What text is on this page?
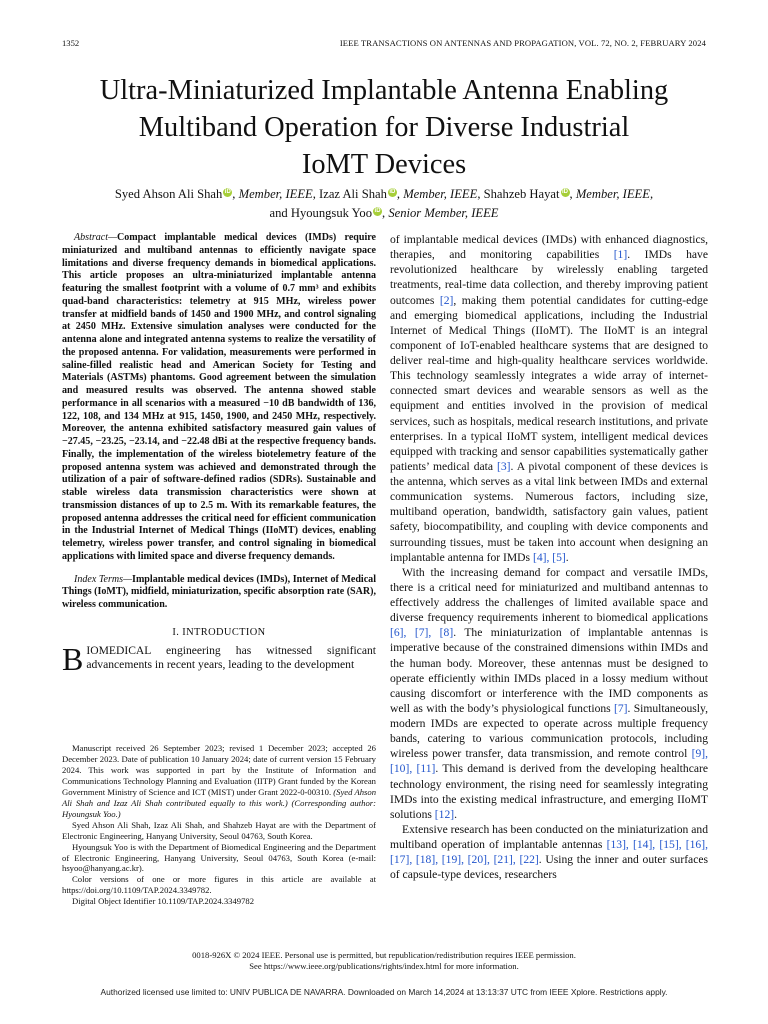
1352	IEEE TRANSACTIONS ON ANTENNAS AND PROPAGATION, VOL. 72, NO. 2, FEBRUARY 2024
Ultra-Miniaturized Implantable Antenna Enabling
Multiband Operation for Diverse Industrial
IoMT Devices
Syed Ahson Ali Shah iD , Member, IEEE, Izaz Ali Shah iD , Member, IEEE, Shahzeb Hayat iD , Member, IEEE,
and Hyoungsuk Yoo iD , Senior Member, IEEE

Abstract—Compact implantable medical devices (IMDs) require miniaturized and multiband antennas to efficiently navigate space limitations and diverse frequency demands in biomedical applications. This article proposes an ultra-miniaturized implantable antenna featuring the smallest footprint with a volume of 0.7 mm³ and exhibits quad-band characteristics: telemetry at 915 MHz, wireless power transfer at midfield bands of 1450 and 1900 MHz, and control signaling at 2450 MHz. Extensive simulation analyses were conducted for the antenna alone and integrated antenna systems to realize the versatility of the proposed antenna. For validation, measurements were performed in saline-filled realistic head and American Society for Testing and Materials (ASTMs) phantoms. Good agreement between the simulation and measured results was observed. The antenna showed stable performance in all scenarios with a measured −10 dB bandwidth of 136, 122, 108, and 134 MHz at 915, 1450, 1900, and 2450 MHz, respectively. Moreover, the antenna exhibited satisfactory measured gain values of −27.45, −23.25, −23.14, and −22.48 dBi at the respective frequency bands. Finally, the implementation of the wireless biotelemetry feature of the proposed antenna system was achieved and demonstrated through the utilization of a pair of software-defined radios (SDRs). Sustainable and stable wireless data transmission characteristics were shown at transmission distances of up to 2.5 m. With its remarkable features, the proposed antenna addresses the critical need for efficient communication in the Industrial Internet of Medical Things (IIoMT) devices, enabling telemetry, wireless power transfer, and control signaling in biomedical applications with limited space and diverse frequency demands.

Index Terms—Implantable medical devices (IMDs), Internet of Medical Things (IoMT), midfield, miniaturization, specific absorption rate (SAR), wireless communication.

I. INTRODUCTION

BIOMEDICAL engineering has witnessed significant advancements in recent years, leading to the development

Manuscript received 26 September 2023; revised 1 December 2023; accepted 26 December 2023. Date of publication 10 January 2024; date of current version 15 February 2024. This work was supported in part by the Institute of Information and Communications Technology Planning and Evaluation (IITP) Grant funded by the Korean Government Ministry of Science and ICT (MIST) under Grant 2022-0-00310. (Syed Ahson Ali Shah and Izaz Ali Shah contributed equally to this work.) (Corresponding author: Hyoungsuk Yoo.)

Syed Ahson Ali Shah, Izaz Ali Shah, and Shahzeb Hayat are with the Department of Electronic Engineering, Hanyang University, Seoul 04763, South Korea.

Hyoungsuk Yoo is with the Department of Biomedical Engineering and the Department of Electronic Engineering, Hanyang University, Seoul 04763, South Korea (e-mail: hsyoo@hanyang.ac.kr).

Color versions of one or more figures in this article are available at https://doi.org/10.1109/TAP.2024.3349782.

Digital Object Identifier 10.1109/TAP.2024.3349782

of implantable medical devices (IMDs) with enhanced diagnostics, therapies, and monitoring capabilities [1]. IMDs have revolutionized healthcare by wirelessly enabling targeted treatments, real-time data collection, and thereby improving patient outcomes [2], making them potential candidates for cutting-edge and emerging biomedical applications, including the Industrial Internet of Medical Things (IIoMT). The IIoMT is an integral component of IoT-enabled healthcare systems that are designed to deliver real-time and high-quality healthcare services worldwide. This technology seamlessly integrates a wide array of internet-connected smart devices and wearable sensors as well as the equipment and entities involved in the provision of medical services, such as hospitals, medical research institutions, and private enterprises. In a typical IIoMT system, intelligent medical devices equipped with tracking and sensor capabilities systematically gather patients’ medical data [3]. A pivotal component of these devices is the antenna, which serves as a vital link between IMDs and external communication systems. Numerous factors, including size, multiband operation, bandwidth, satisfactory gain values, patient safety, biocompatibility, and coupling with device components and surrounding tissues, must be taken into account when designing an implantable antenna for IMDs [4], [5].

With the increasing demand for compact and versatile IMDs, there is a critical need for miniaturized and multiband antennas to effectively address the challenges of limited available space and diverse frequency requirements inherent to biomedical applications [6], [7], [8]. The miniaturization of implantable antennas is imperative because of the constrained dimensions within IMDs and the human body. Moreover, these antennas must be designed to operate efficiently within IMDs placed in a lossy medium without causing discomfort or interference with the IMD components as well as with the body’s physiological functions [7]. Simultaneously, modern IMDs are expected to operate across multiple frequency bands, catering to various communication protocols, including wireless power transfer, data transmission, and remote control [9], [10], [11]. This demand is derived from the developing healthcare technology environment, the rising need for seamlessly integrating IMDs into the existing medical infrastructure, and emerging IIoMT solutions [12].

Extensive research has been conducted on the miniaturization and multiband operation of implantable antennas [13], [14], [15], [16], [17], [18], [19], [20], [21], [22]. Using the inner and outer surfaces of capsule-type devices, researchers

0018-926X © 2024 IEEE. Personal use is permitted, but republication/redistribution requires IEEE permission.
See https://www.ieee.org/publications/rights/index.html for more information.
Authorized licensed use limited to: UNIV PUBLICA DE NAVARRA. Downloaded on March 14,2024 at 13:13:37 UTC from IEEE Xplore. Restrictions apply.
